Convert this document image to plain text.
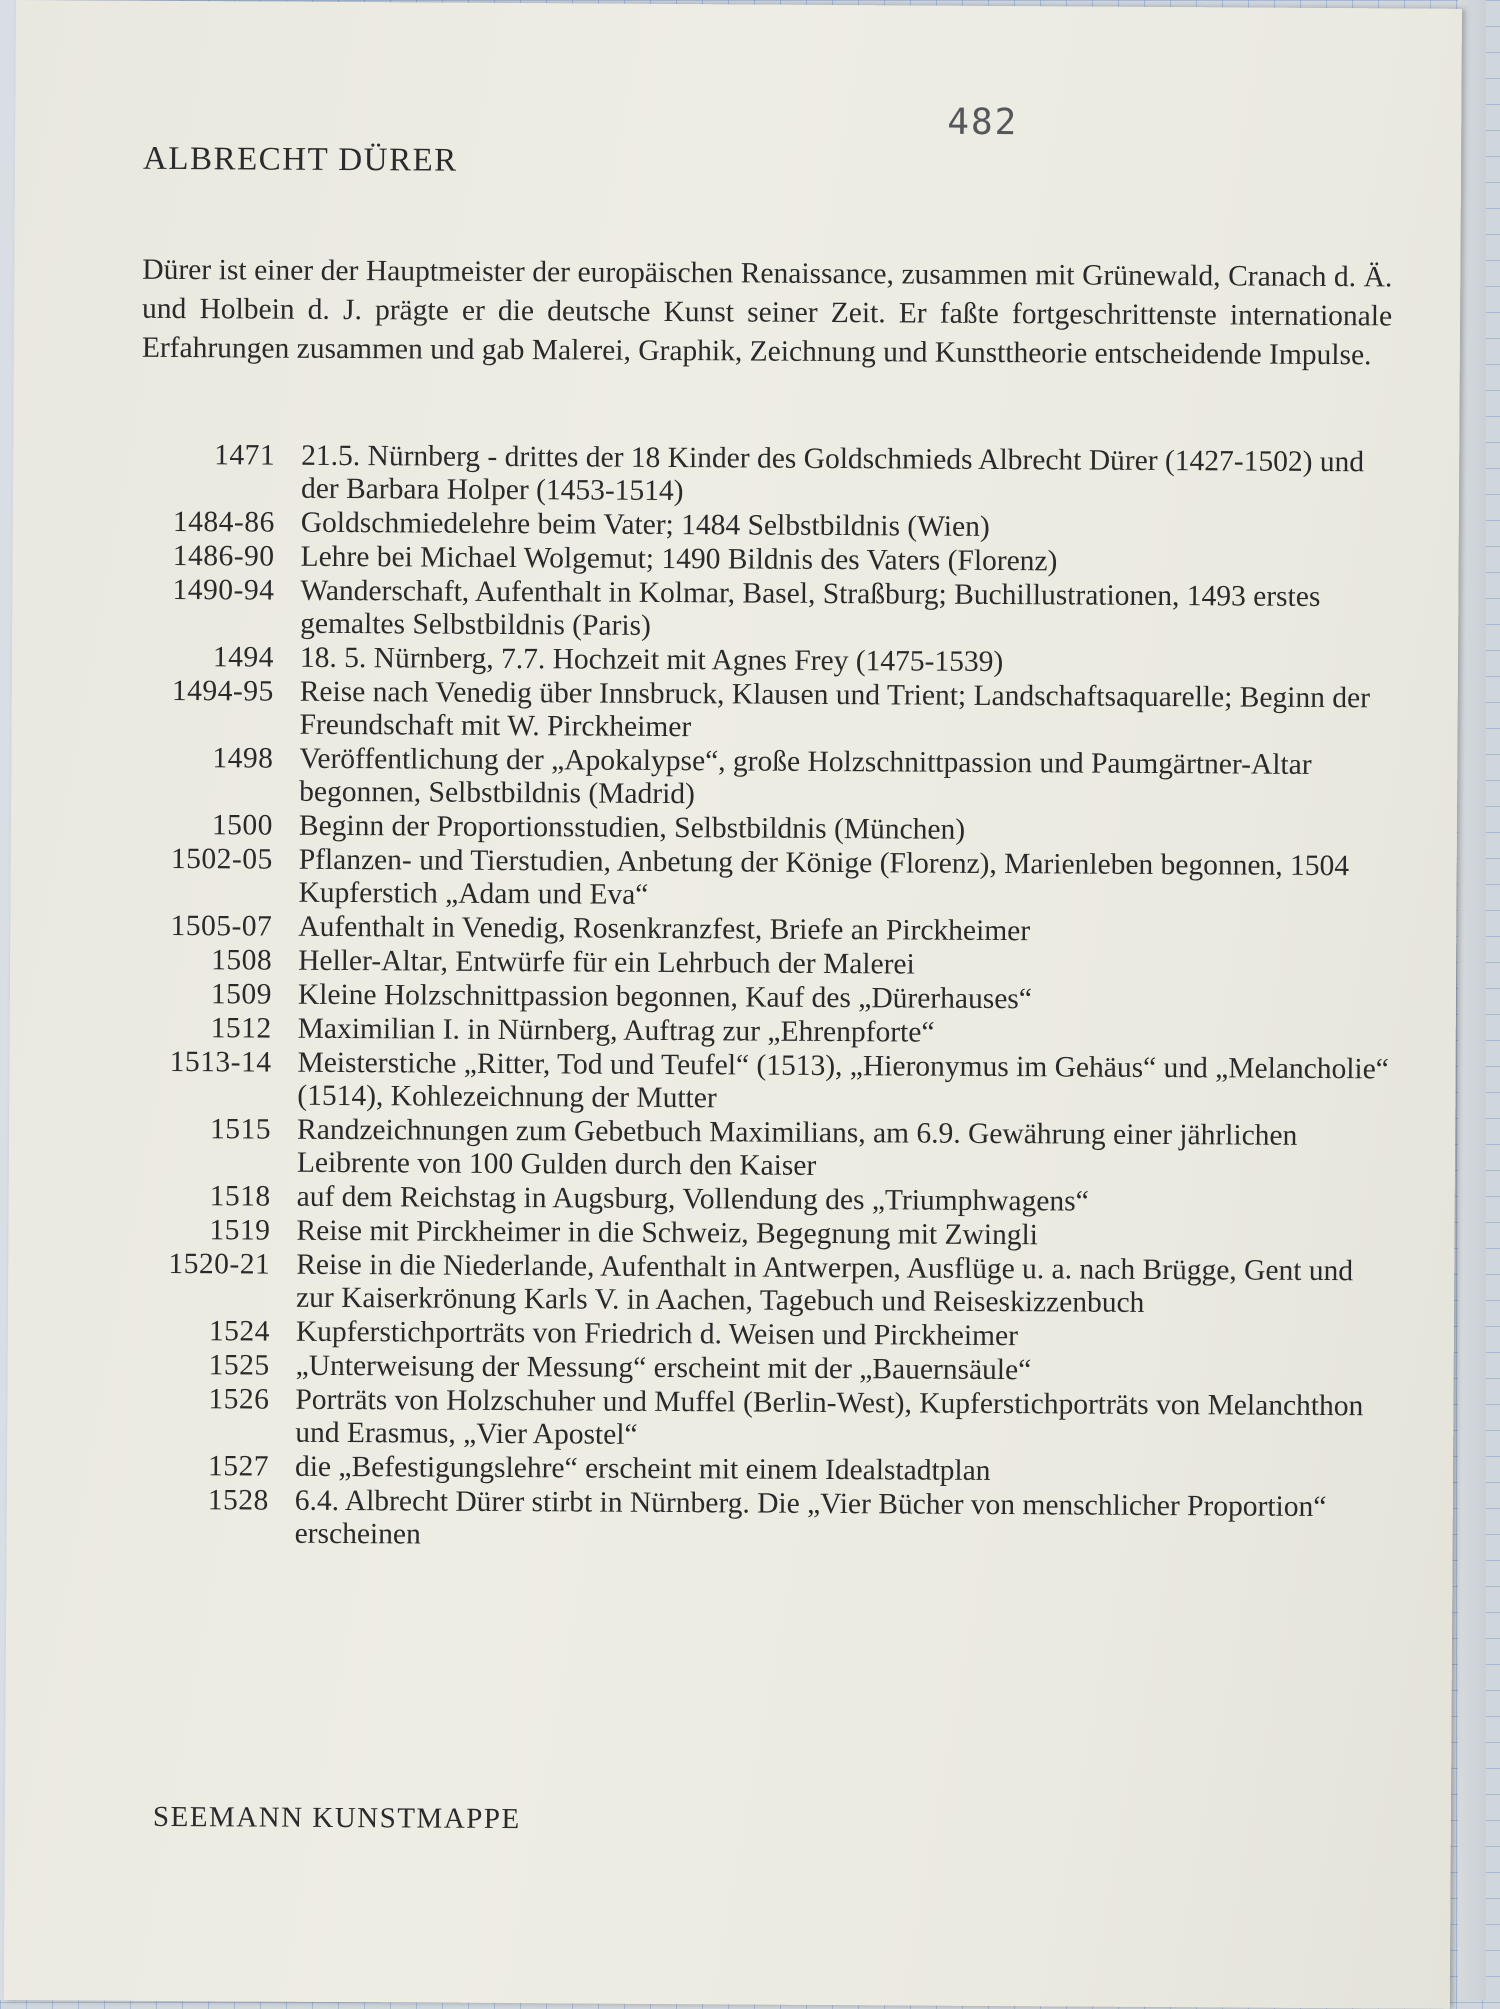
482
ALBRECHT DÜRER

Dürer ist einer der Hauptmeister der europäischen Renaissance, zusammen mit Grünewald, Cranach d. Ä. und Holbein d. J. prägte er die deutsche Kunst seiner Zeit. Er faßte fortgeschrittenste internationale Erfahrungen zusammen und gab Malerei, Graphik, Zeichnung und Kunsttheorie entscheidende Impulse.

1471 21.5. Nürnberg - drittes der 18 Kinder des Goldschmieds Albrecht Dürer (1427-1502) und der Barbara Holper (1453-1514)
1484-86 Goldschmiedelehre beim Vater; 1484 Selbstbildnis (Wien)
1486-90 Lehre bei Michael Wolgemut; 1490 Bildnis des Vaters (Florenz)
1490-94 Wanderschaft, Aufenthalt in Kolmar, Basel, Straßburg; Buchillustrationen, 1493 erstes gemaltes Selbstbildnis (Paris)
1494 18. 5. Nürnberg, 7.7. Hochzeit mit Agnes Frey (1475-1539)
1494-95 Reise nach Venedig über Innsbruck, Klausen und Trient; Landschaftsaquarelle; Beginn der Freundschaft mit W. Pirckheimer
1498 Veröffentlichung der „Apokalypse“, große Holzschnittpassion und Paumgärtner-Altar begonnen, Selbstbildnis (Madrid)
1500 Beginn der Proportionsstudien, Selbstbildnis (München)
1502-05 Pflanzen- und Tierstudien, Anbetung der Könige (Florenz), Marienleben begonnen, 1504 Kupferstich „Adam und Eva“
1505-07 Aufenthalt in Venedig, Rosenkranzfest, Briefe an Pirckheimer
1508 Heller-Altar, Entwürfe für ein Lehrbuch der Malerei
1509 Kleine Holzschnittpassion begonnen, Kauf des „Dürerhauses“
1512 Maximilian I. in Nürnberg, Auftrag zur „Ehrenpforte“
1513-14 Meisterstiche „Ritter, Tod und Teufel“ (1513), „Hieronymus im Gehäus“ und „Melancholie“ (1514), Kohlezeichnung der Mutter
1515 Randzeichnungen zum Gebetbuch Maximilians, am 6.9. Gewährung einer jährlichen Leibrente von 100 Gulden durch den Kaiser
1518 auf dem Reichstag in Augsburg, Vollendung des „Triumphwagens“
1519 Reise mit Pirckheimer in die Schweiz, Begegnung mit Zwingli
1520-21 Reise in die Niederlande, Aufenthalt in Antwerpen, Ausflüge u. a. nach Brügge, Gent und zur Kaiserkrönung Karls V. in Aachen, Tagebuch und Reiseskizzenbuch
1524 Kupferstichporträts von Friedrich d. Weisen und Pirckheimer
1525 „Unterweisung der Messung“ erscheint mit der „Bauernsäule“
1526 Porträts von Holzschuher und Muffel (Berlin-West), Kupferstichporträts von Melanchthon und Erasmus, „Vier Apostel“
1527 die „Befestigungslehre“ erscheint mit einem Idealstadtplan
1528 6.4. Albrecht Dürer stirbt in Nürnberg. Die „Vier Bücher von menschlicher Proportion“ erscheinen
SEEMANN KUNSTMAPPE
